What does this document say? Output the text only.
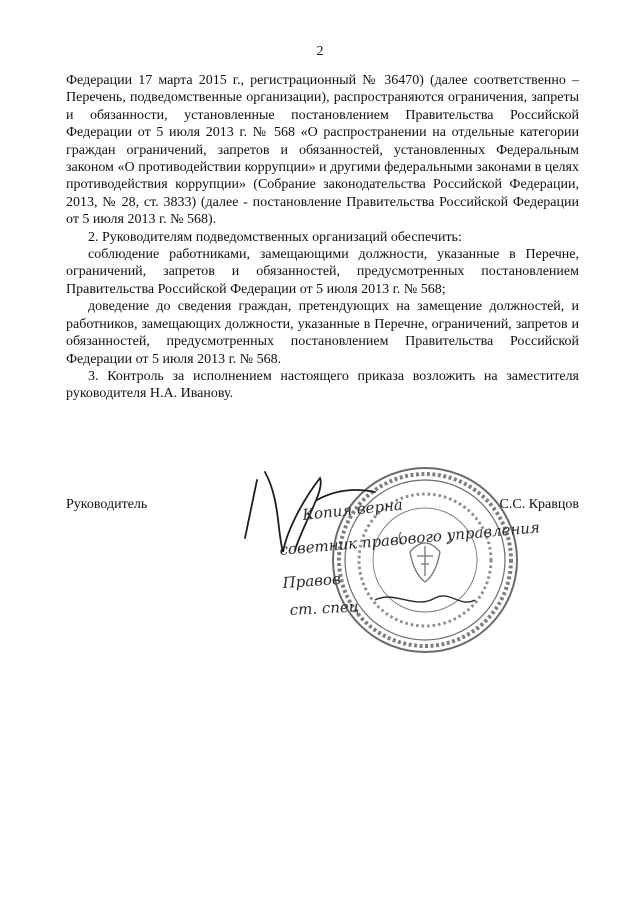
2

Федерации 17 марта 2015 г., регистрационный № 36470) (далее соответственно – Перечень, подведомственные организации), распространяются ограничения, запреты и обязанности, установленные постановлением Правительства Российской Федерации от 5 июля 2013 г. № 568 «О распространении на отдельные категории граждан ограничений, запретов и обязанностей, установленных Федеральным законом «О противодействии коррупции» и другими федеральными законами в целях противодействия коррупции» (Собрание законодательства Российской Федерации, 2013, № 28, ст. 3833) (далее - постановление Правительства Российской Федерации от 5 июля 2013 г. № 568).

2. Руководителям подведомственных организаций обеспечить:

соблюдение работниками, замещающими должности, указанные в Перечне, ограничений, запретов и обязанностей, предусмотренных постановлением Правительства Российской Федерации от 5 июля 2013 г. № 568;

доведение до сведения граждан, претендующих на замещение должностей, и работников, замещающих должности, указанные в Перечне, ограничений, запретов и обязанностей, предусмотренных постановлением Правительства Российской Федерации от 5 июля 2013 г. № 568.

3. Контроль за исполнением настоящего приказа возложить на заместителя руководителя Н.А. Иванову.

Руководитель	С.С. Кравцов
Копия верна
советник правового управления
Правов
ст. спец
